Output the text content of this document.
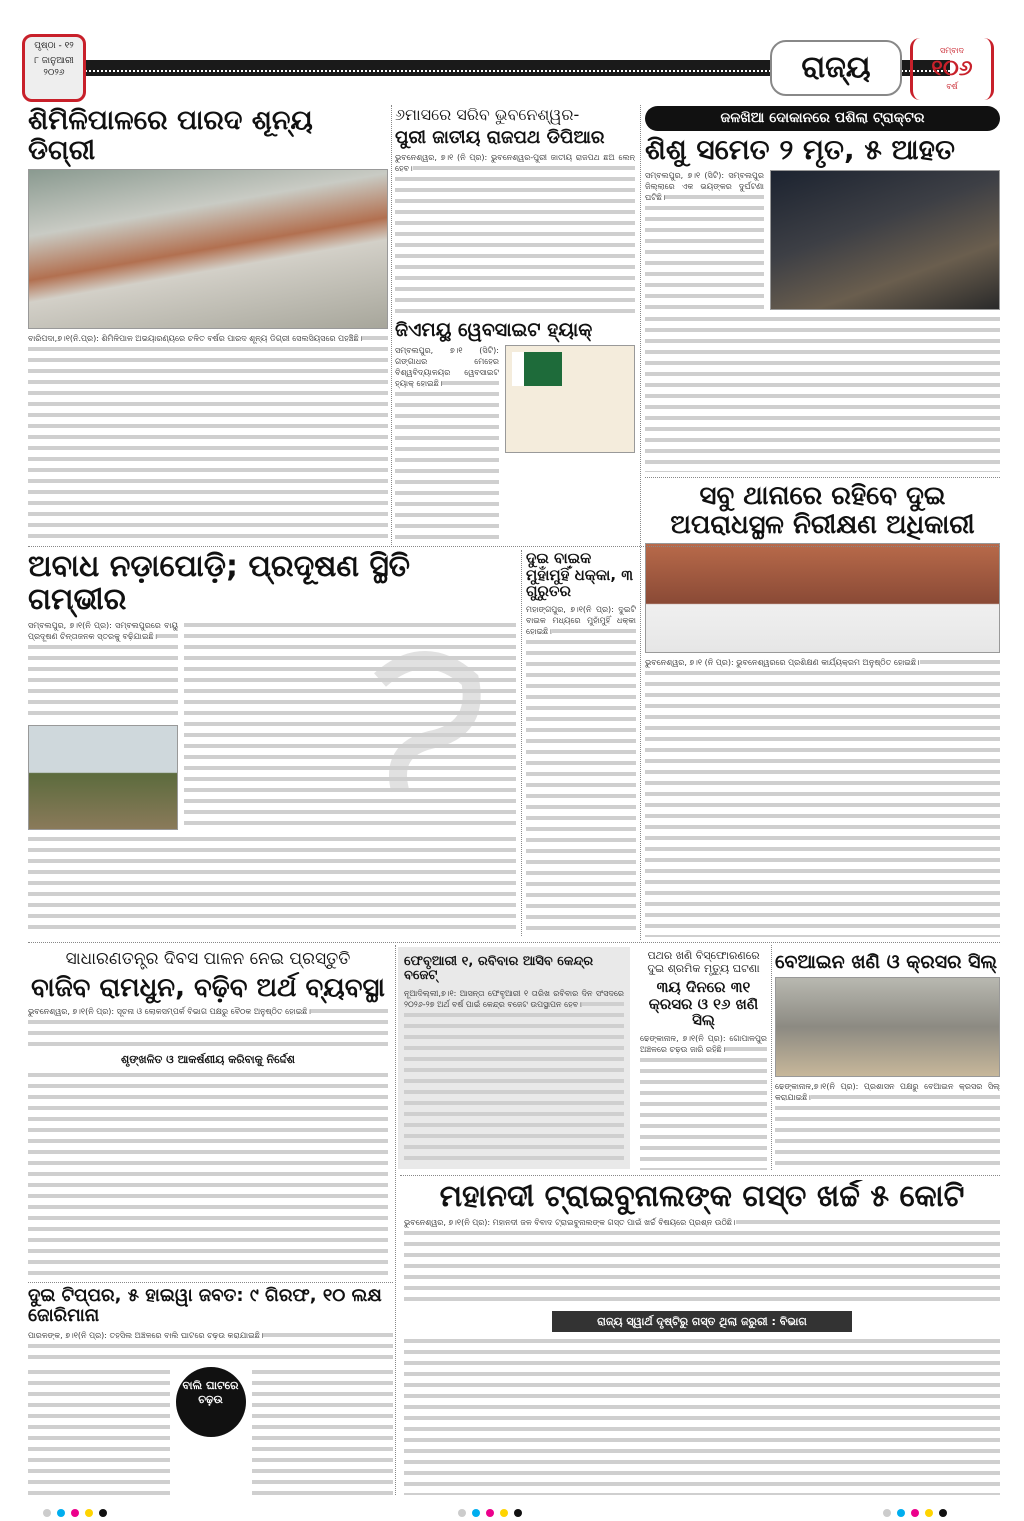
ପୃଷ୍ଠା - ୧୨
୮ ଜାନୁଆରୀ
୨୦୨୬	ରାଜ୍ୟ	ସମ୍ବାଦ
୧୦୬
ବର୍ଷ
ଶିମିଳିପାଳରେ ପାରଦ ଶୂନ୍ୟ ଡିଗ୍ରୀ
ବାରିପଦା,୭।୧(ନି.ପ୍ର): ଶିମିଳିପାଳ ଅଭୟାରଣ୍ୟରେ ଚଳିତ ବର୍ଷର ପାରଦ ଶୂନ୍ୟ ଡିଗ୍ରୀ ସେଲସିୟସରେ ପହଞ୍ଚିଛି।
୬ମାସରେ ସରିବ ଭୁବନେଶ୍ୱର-
ପୁରୀ ଜାତୀୟ ରାଜପଥ ଡିପିଆର
ଭୁବନେଶ୍ୱର, ୭।୧ (ନି ପ୍ର): ଭୁବନେଶ୍ୱର-ପୁରୀ ଜାତୀୟ ରାଜପଥ ଛଅ ଲେନ୍ ହେବ।
ଜିଏମୟୁ ୱେବସାଇଟ ହ୍ୟାକ୍
ସମ୍ବଲପୁର, ୭।୧ (ସିଟି): ଗଙ୍ଗାଧର ମେହେର ବିଶ୍ୱବିଦ୍ୟାଳୟର ୱେବସାଇଟ ହ୍ୟାକ୍ ହୋଇଛି।
ଜଳଖିଆ ଦୋକାନରେ ପଶିଲା ଟ୍ରାକ୍ଟର
ଶିଶୁ ସମେତ ୨ ମୃତ, ୫ ଆହତ
ସମ୍ବଲପୁର, ୭।୧ (ସିଟି): ସମ୍ବଲପୁର ଜିଲ୍ଲାରେ ଏକ ଭୟଙ୍କର ଦୁର୍ଘଟଣା ଘଟିଛି।
ସବୁ ଥାନାରେ ରହିବେ ଦୁଇ ଅପରାଧସ୍ଥଳ ନିରୀକ୍ଷଣ ଅଧିକାରୀ
ଭୁବନେଶ୍ୱର, ୭।୧ (ନି ପ୍ର): ଭୁବନେଶ୍ୱରରେ ପ୍ରଶିକ୍ଷଣ କାର୍ଯ୍ୟକ୍ରମ ଅନୁଷ୍ଠିତ ହୋଇଛି।
ଅବାଧ ନଡ଼ାପୋଡ଼ି; ପ୍ରଦୂଷଣ ସ୍ଥିତି ଗମ୍ଭୀର
ସମ୍ବଲପୁର, ୭।୧(ନି ପ୍ର): ସମ୍ବଲପୁରରେ ବାୟୁ ପ୍ରଦୂଷଣ ଚିନ୍ତାଜନକ ସ୍ତରକୁ ବଢ଼ିଯାଇଛି।
ଦୁଇ ବାଇକ ମୁହାଁମୁହିଁ ଧକ୍କା, ୩ ଗୁରୁତର
ମହାଙ୍ଗପୁର, ୭।୧(ନି ପ୍ର): ଦୁଇଟି ବାଇକ ମଧ୍ୟରେ ମୁହାଁମୁହିଁ ଧକ୍କା ହୋଇଛି।
ସାଧାରଣତନ୍ତ୍ର ଦିବସ ପାଳନ ନେଇ ପ୍ରସ୍ତୁତି
ବାଜିବ ରାମଧୁନ, ବଢ଼ିବ ଅର୍ଥ ବ୍ୟବସ୍ଥା
ଭୁବନେଶ୍ୱର, ୭।୧(ନି ପ୍ର): ସୂଚନା ଓ ଲୋକସମ୍ପର୍କ ବିଭାଗ ପକ୍ଷରୁ ବୈଠକ ଅନୁଷ୍ଠିତ ହୋଇଛି।
ଶୃଙ୍ଖଳିତ ଓ ଆକର୍ଷଣୀୟ କରିବାକୁ ନିର୍ଦ୍ଦେଶ
ଫେବୃଆରୀ ୧, ରବିବାର ଆସିବ କେନ୍ଦ୍ର ବଜେଟ୍
ନୂଆଦିଲ୍ଲୀ,୭।୧: ଆସନ୍ତା ଫେବୃଆରୀ ୧ ତାରିଖ ରବିବାର ଦିନ ସଂସଦରେ ୨୦୨୬-୨୭ ଅର୍ଥ ବର୍ଷ ପାଇଁ କେନ୍ଦ୍ର ବଜେଟ ଉପସ୍ଥାପନ ହେବ।
ପଥର ଖଣି ବିସ୍ଫୋରଣରେ ଦୁଇ ଶ୍ରମିକ ମୃତ୍ୟୁ ଘଟଣା
୩ୟ ଦିନରେ ୩୧ କ୍ରସର ଓ ୧୬ ଖଣି ସିଲ୍
ଢେଙ୍କାନାଳ, ୭।୧(ନି ପ୍ର): ଗୋପାଳପୁର ଅଞ୍ଚଳରେ ଚଢ଼ଉ ଜାରି ରହିଛି।
ବେଆଇନ ଖଣି ଓ କ୍ରସର ସିଲ୍
ଢେଙ୍କାନାଳ,୭।୧(ନି ପ୍ର): ପ୍ରଶାସନ ପକ୍ଷରୁ ବେଆଇନ କ୍ରସର ସିଲ୍ କରାଯାଇଛି।
ମହାନଦୀ ଟ୍ରାଇବୁନାଲଙ୍କ ଗସ୍ତ ଖର୍ଚ୍ଚ ୫ କୋଟି
ଭୁବନେଶ୍ୱର, ୭।୧(ନି ପ୍ର): ମହାନଦୀ ଜଳ ବିବାଦ ଟ୍ରାଇବୁନାଲଙ୍କ ଗସ୍ତ ପାଇଁ ଖର୍ଚ୍ଚ ବିଷୟରେ ପ୍ରଶ୍ନ ଉଠିଛି।
ରାଜ୍ୟ ସ୍ୱାର୍ଥ ଦୃଷ୍ଟିରୁ ଗସ୍ତ ଥିଲା ଜରୁରୀ : ବିଭାଗ
ଦୁଇ ଟିପ୍ପର, ୫ ହାଇୱା ଜବତ: ୯ ଗିରଫ, ୧୦ ଲକ୍ଷ ଜୋରିମାନା
ପାରଳଙ୍କ, ୭।୧(ନି ପ୍ର): ତହସିଲ ଅଞ୍ଚଳରେ ବାଲି ଘାଟରେ ଚଢ଼ଉ କରାଯାଇଛି।
ବାଲି ଘାଟରେ ଚଢ଼ଉ
